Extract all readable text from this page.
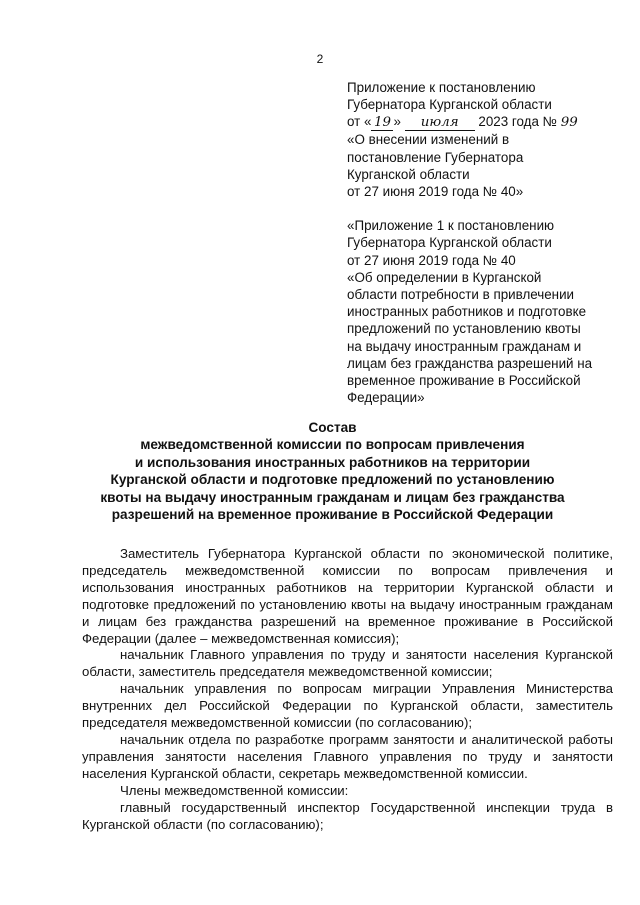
2
Приложение к постановлению
Губернатора Курганской области
от « 19 » июля 2023 года № 99
«О внесении изменений в
постановление Губернатора
Курганской области
от 27 июня 2019 года № 40»
«Приложение 1 к постановлению
Губернатора Курганской области
от 27 июня 2019 года № 40
«Об определении в Курганской
области потребности в привлечении
иностранных работников и подготовке
предложений по установлению квоты
на выдачу иностранным гражданам и
лицам без гражданства разрешений на
временное проживание в Российской
Федерации»
Состав
межведомственной комиссии по вопросам привлечения
и использования иностранных работников на территории
Курганской области и подготовке предложений по установлению
квоты на выдачу иностранным гражданам и лицам без гражданства
разрешений на временное проживание в Российской Федерации

Заместитель Губернатора Курганской области по экономической политике, председатель межведомственной комиссии по вопросам привлечения и использования иностранных работников на территории Курганской области и подготовке предложений по установлению квоты на выдачу иностранным гражданам и лицам без гражданства разрешений на временное проживание в Российской Федерации (далее – межведомственная комиссия);

начальник Главного управления по труду и занятости населения Курганской области, заместитель председателя межведомственной комиссии;

начальник управления по вопросам миграции Управления Министерства внутренних дел Российской Федерации по Курганской области, заместитель председателя межведомственной комиссии (по согласованию);

начальник отдела по разработке программ занятости и аналитической работы управления занятости населения Главного управления по труду и занятости населения Курганской области, секретарь межведомственной комиссии.

Члены межведомственной комиссии:

главный государственный инспектор Государственной инспекции труда в Курганской области (по согласованию);
